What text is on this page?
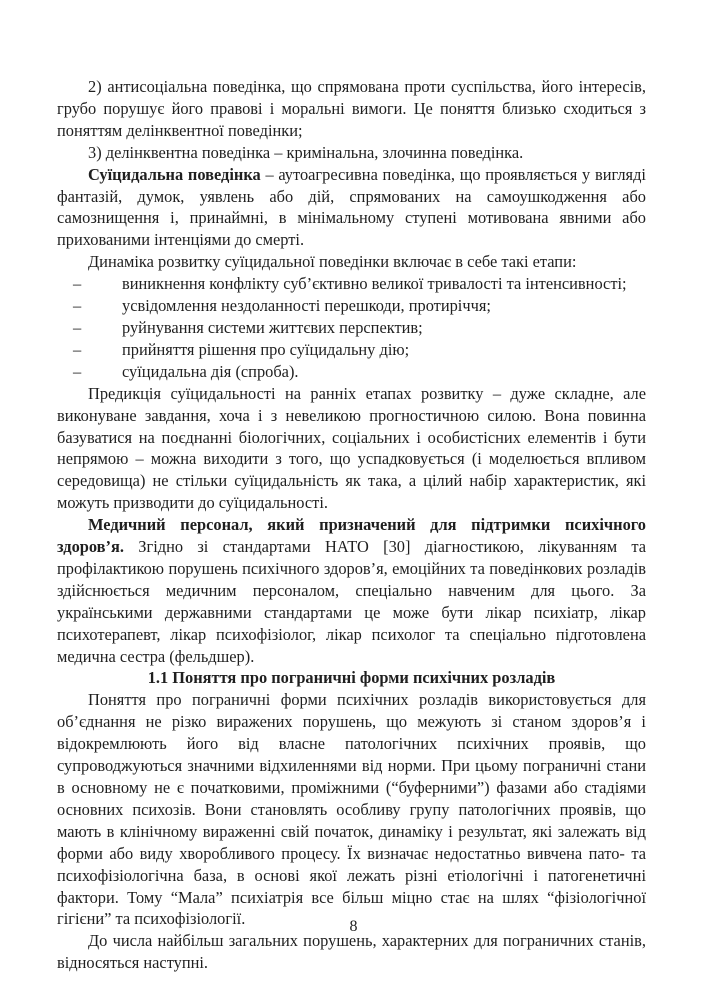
2) антисоціальна поведінка, що спрямована проти суспільства, його інтересів, грубо порушує його правові і моральні вимоги. Це поняття близько сходиться з поняттям делінквентної поведінки;

3) делінквентна поведінка – кримінальна, злочинна поведінка.

Суїцидальна поведінка – аутоагресивна поведінка, що проявляється у вигляді фантазій, думок, уявлень або дій, спрямованих на самоушкодження або самознищення і, принаймні, в мінімальному ступені мотивована явними або прихованими інтенціями до смерті.

Динаміка розвитку суїцидальної поведінки включає в себе такі етапи:

– виникнення конфлікту суб’єктивно великої тривалості та інтенсивності;
– усвідомлення нездоланності перешкоди, протиріччя;
– руйнування системи життєвих перспектив;
– прийняття рішення про суїцидальну дію;
– суїцидальна дія (спроба).

Предикція суїцидальності на ранніх етапах розвитку – дуже складне, але виконуване завдання, хоча і з невеликою прогностичною силою. Вона повинна базуватися на поєднанні біологічних, соціальних і особистісних елементів і бути непрямою – можна виходити з того, що успадковується (і моделюється впливом середовища) не стільки суїцидальність як така, а цілий набір характеристик, які можуть призводити до суїцидальності.

Медичний персонал, який призначений для підтримки психічного здоров’я. Згідно зі стандартами НАТО [30] діагностикою, лікуванням та профілактикою порушень психічного здоров’я, емоційних та поведінкових розладів здійснюється медичним персоналом, спеціально навченим для цього. За українськими державними стандартами це може бути лікар психіатр, лікар психотерапевт, лікар психофізіолог, лікар психолог та спеціально підготовлена медична сестра (фельдшер).

1.1 Поняття про пограничні форми психічних розладів

Поняття про пограничні форми психічних розладів використовується для об’єднання не різко виражених порушень, що межують зі станом здоров’я і відокремлюють його від власне патологічних психічних проявів, що супроводжуються значними відхиленнями від норми. При цьому пограничні стани в основному не є початковими, проміжними (“буферними”) фазами або стадіями основних психозів. Вони становлять особливу групу патологічних проявів, що мають в клінічному вираженні свій початок, динаміку і результат, які залежать від форми або виду хворобливого процесу. Їх визначає недостатньо вивчена пато- та психофізіологічна база, в основі якої лежать різні етіологічні і патогенетичні фактори. Тому “Мала” психіатрія все більш міцно стає на шлях “фізіологічної гігієни” та психофізіології.

До числа найбільш загальних порушень, характерних для пограничних станів, відносяться наступні.

8
